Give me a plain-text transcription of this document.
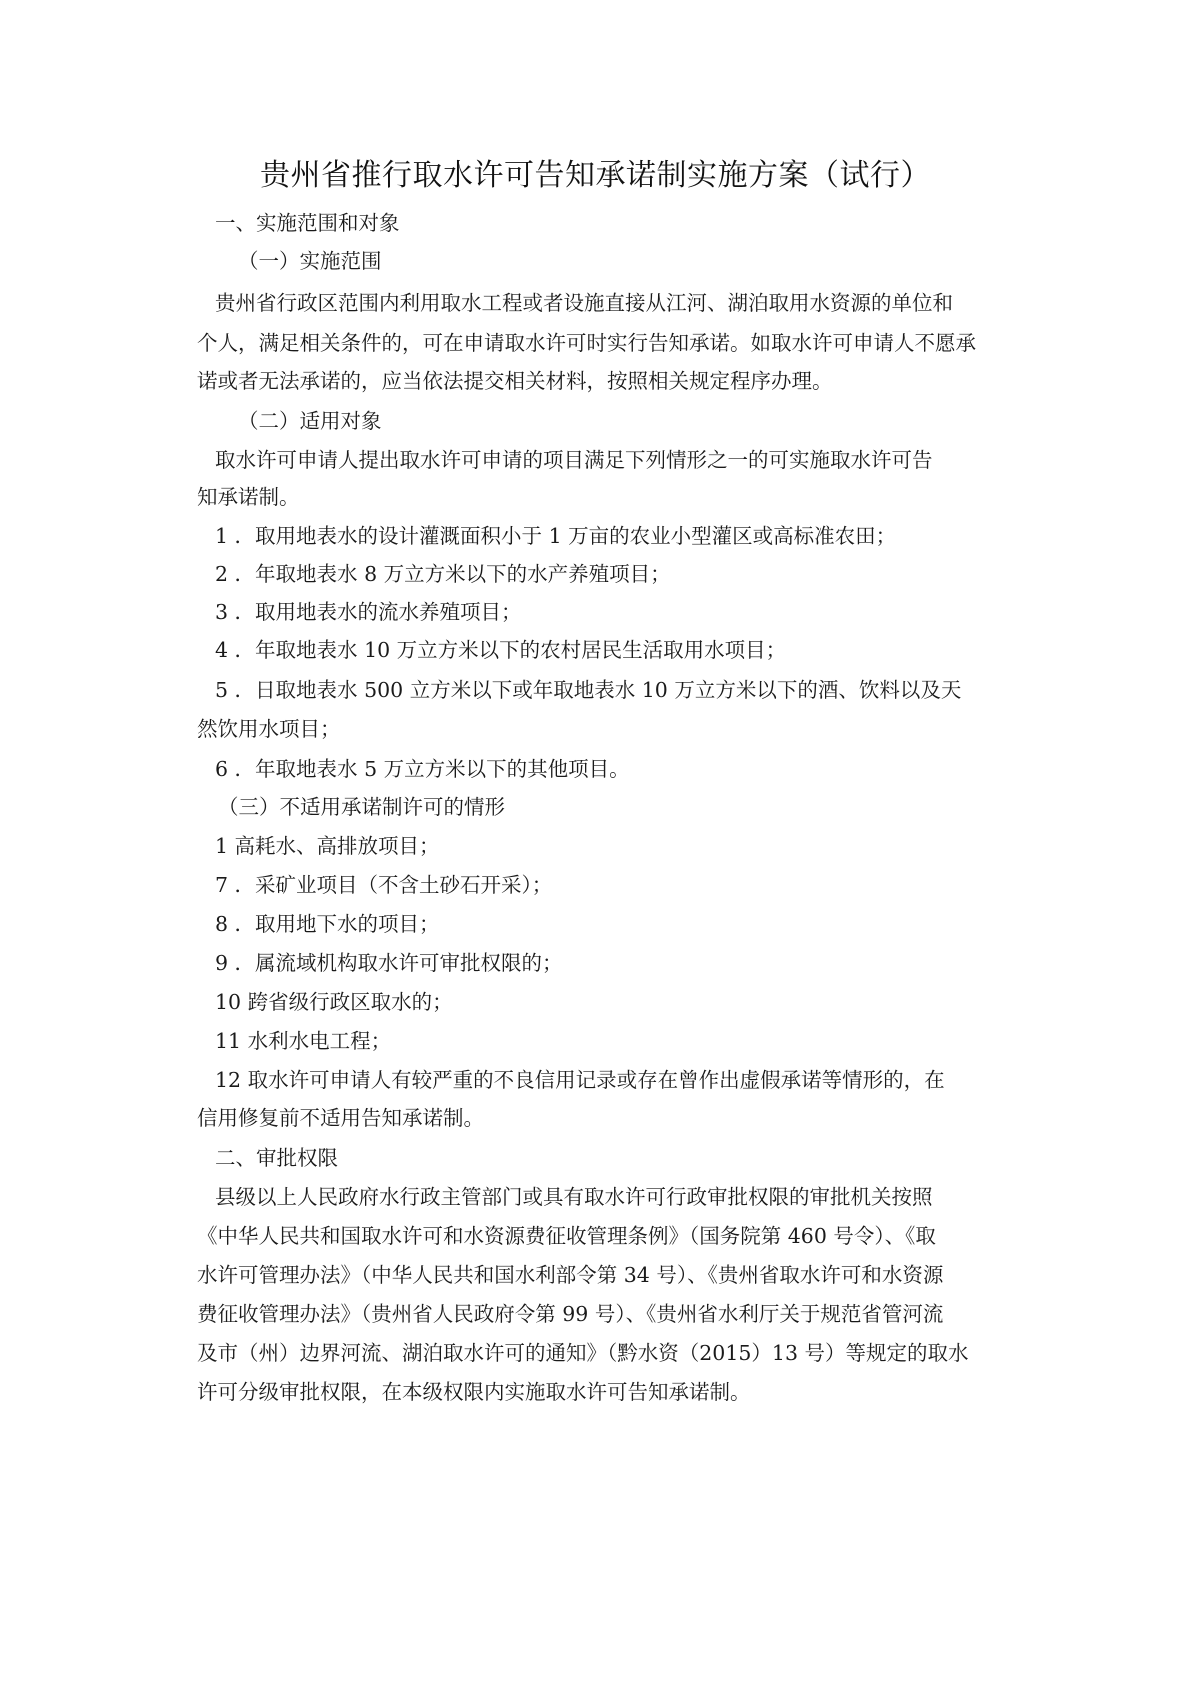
贵州省推行取水许可告知承诺制实施方案（试行）
一、实施范围和对象
（一）实施范围
贵州省行政区范围内利用取水工程或者设施直接从江河、湖泊取用水资源的单位和
个人，满足相关条件的，可在申请取水许可时实行告知承诺。如取水许可申请人不愿承
诺或者无法承诺的，应当依法提交相关材料，按照相关规定程序办理。
（二）适用对象
取水许可申请人提出取水许可申请的项目满足下列情形之一的可实施取水许可告
知承诺制。
1 ．取用地表水的设计灌溉面积小于 1 万亩的农业小型灌区或高标准农田；
2 ．年取地表水 8 万立方米以下的水产养殖项目；
3 ．取用地表水的流水养殖项目；
4 ．年取地表水 10 万立方米以下的农村居民生活取用水项目；
5 ．日取地表水 500 立方米以下或年取地表水 10 万立方米以下的酒、饮料以及天
然饮用水项目；
6 ．年取地表水 5 万立方米以下的其他项目。
（三）不适用承诺制许可的情形
1 高耗水、高排放项目；
7 ．采矿业项目（不含土砂石开采）；
8 ．取用地下水的项目；
9 ．属流域机构取水许可审批权限的；
10 跨省级行政区取水的；
11 水利水电工程；
12 取水许可申请人有较严重的不良信用记录或存在曾作出虚假承诺等情形的，在
信用修复前不适用告知承诺制。
二、审批权限
县级以上人民政府水行政主管部门或具有取水许可行政审批权限的审批机关按照
《中华人民共和国取水许可和水资源费征收管理条例》（国务院第 460 号令）、《取
水许可管理办法》（中华人民共和国水利部令第 34 号）、《贵州省取水许可和水资源
费征收管理办法》（贵州省人民政府令第 99 号）、《贵州省水利厅关于规范省管河流
及市（州）边界河流、湖泊取水许可的通知》（黔水资（2015）13 号）等规定的取水
许可分级审批权限，在本级权限内实施取水许可告知承诺制。
